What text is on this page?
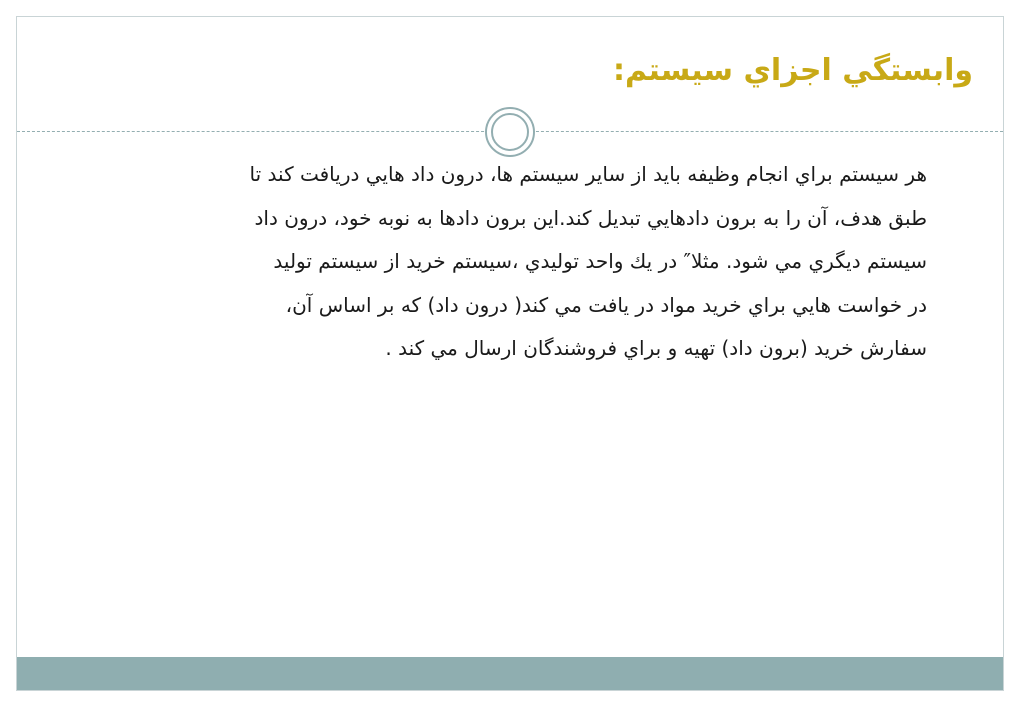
وابستگي اجزاي سيستم:

هر سيستم براي انجام وظيفه بايد از ساير سيستم ها، درون داد هايي دريافت كند تا
طبق هدف، آن را به برون دادهايي تبديل كند.اين برون دادها به نوبه خود، درون داد
سيستم ديگري مي شود. مثلا″ در يك واحد توليدي ،سيستم خريد از سيستم توليد
در خواست هايي براي خريد مواد در يافت مي كند( درون داد) كه بر اساس آن،
سفارش خريد (برون داد) تهيه و براي فروشندگان ارسال مي كند .
